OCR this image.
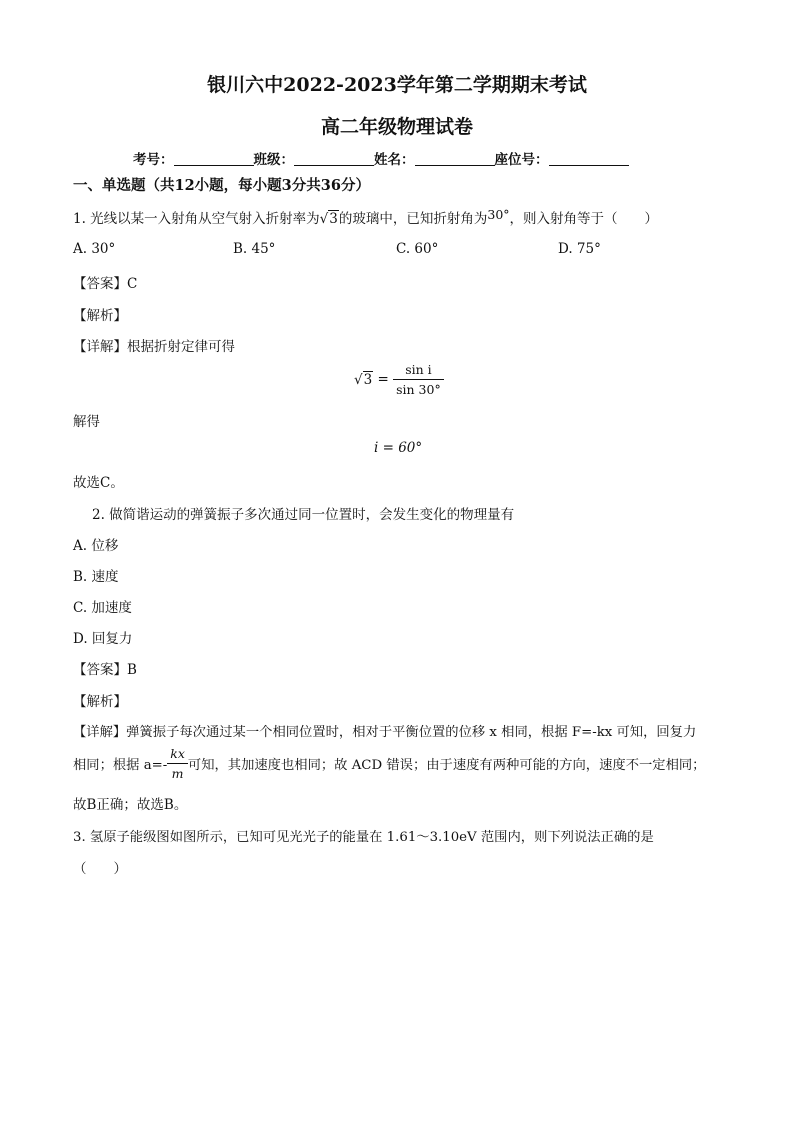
银川六中2022-2023学年第二学期期末考试
高二年级物理试卷
考号：	班级：	姓名：	座位号：
一、单选题（共12小题，每小题3分共36分）
1. 光线以某一入射角从空气射入折射率为√3的玻璃中，已知折射角为30°，则入射角等于（　　）
A. 30°	B. 45°	C. 60°	D. 75°
【答案】C
【解析】
【详解】根据折射定律可得
$√3 = \frac{\text{sin i}}{\sin 30^\circ}$
解得
i = 60°
故选C。
2. 做简谐运动的弹簧振子多次通过同一位置时，会发生变化的物理量有
A. 位移
B. 速度
C. 加速度
D. 回复力
【答案】B
【解析】
【详解】弹簧振子每次通过某一个相同位置时，相对于平衡位置的位移 x 相同，根据 F=-kx 可知，回复力
相同；根据 $a=- \frac{kx}{m}$ 可知，其加速度也相同；故 ACD 错误；由于速度有两种可能的方向，速度不一定相同；
故B正确；故选B。
3. 氢原子能级图如图所示，已知可见光光子的能量在 1.61～3.10eV 范围内，则下列说法正确的是
（　　）
